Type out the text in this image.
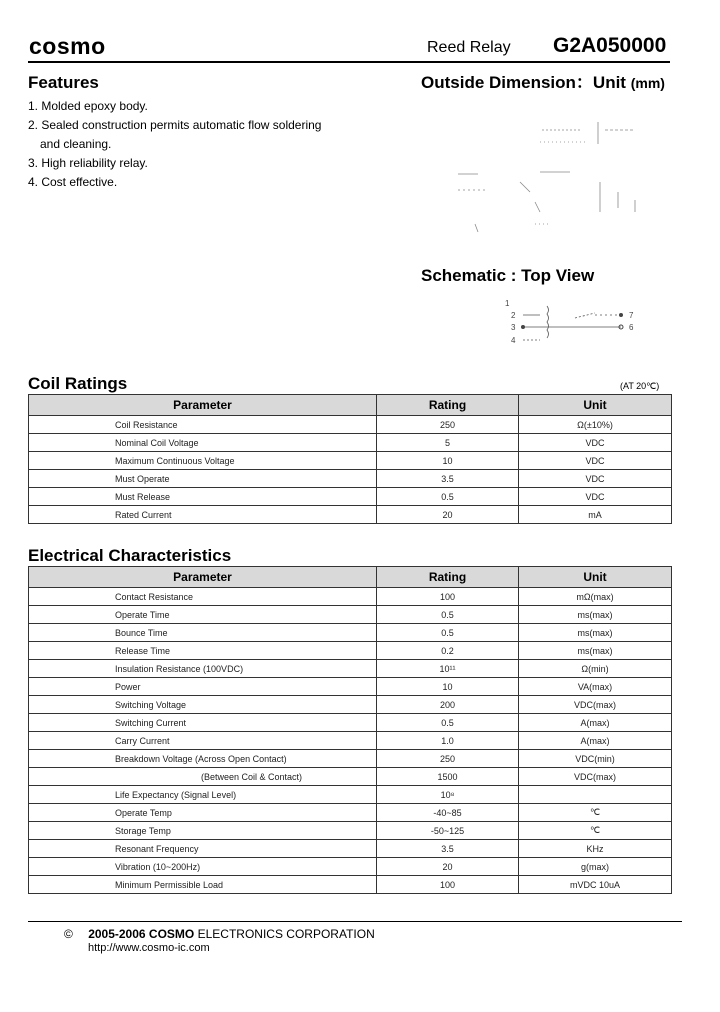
cosmo	Reed Relay G2A050000
Features
1. Molded epoxy body.
2. Sealed construction permits automatic flow soldering
and cleaning.
3. High reliability relay.
4. Cost effective.
Outside Dimension：Unit (mm)
Schematic : Top View
1
2
3
4
7
6
Coil Ratings	(AT 20℃)
Parameter	Rating	Unit
Coil Resistance	250	Ω(±10%)
Nominal Coil Voltage	5	VDC
Maximum Continuous Voltage	10	VDC
Must Operate	3.5	VDC
Must Release	0.5	VDC
Rated Current	20	mA
Electrical Characteristics
Parameter	Rating	Unit
Contact Resistance	100	mΩ(max)
Operate Time	0.5	ms(max)
Bounce Time	0.5	ms(max)
Release Time	0.2	ms(max)
Insulation Resistance (100VDC)	10¹¹	Ω(min)
Power	10	VA(max)
Switching Voltage	200	VDC(max)
Switching Current	0.5	A(max)
Carry Current	1.0	A(max)
Breakdown Voltage (Across Open Contact)	250	VDC(min)
(Between Coil & Contact)	1500	VDC(max)
Life Expectancy (Signal Level)	10⁸	
Operate Temp	-40~85	℃
Storage Temp	-50~125	℃
Resonant Frequency	3.5	KHz
Vibration (10~200Hz)	20	g(max)
Minimum Permissible Load	100	mVDC 10uA
© 2005-2006 COSMO ELECTRONICS CORPORATION
http://www.cosmo-ic.com
